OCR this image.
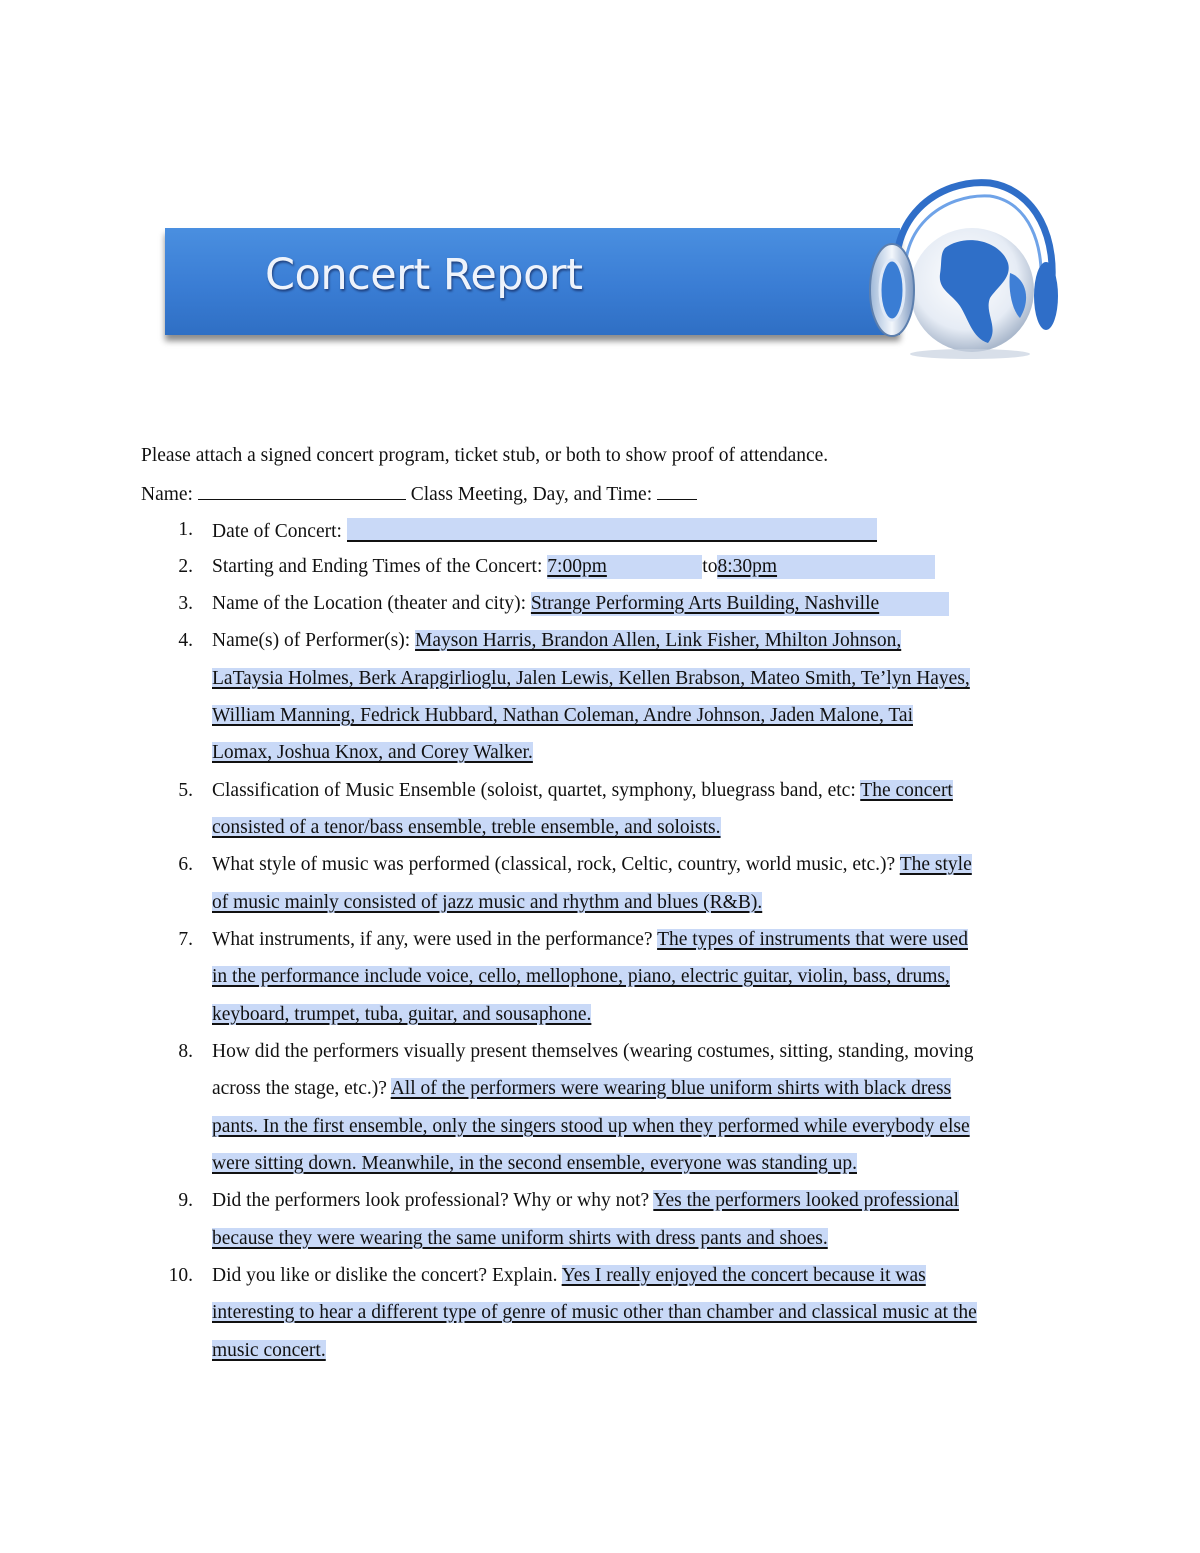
Concert Report
Please attach a signed concert program, ticket stub, or both to show proof of attendance.
Name:	Class Meeting, Day, and Time:
1. Date of Concert:
2. Starting and Ending Times of the Concert: 7:00pm	to8:30pm
3. Name of the Location (theater and city): Strange Performing Arts Building, Nashville
4. Name(s) of Performer(s): Mayson Harris, Brandon Allen, Link Fisher, Mhilton Johnson,
LaTaysia Holmes, Berk Arapgirlioglu, Jalen Lewis, Kellen Brabson, Mateo Smith, Te’lyn Hayes,
William Manning, Fedrick Hubbard, Nathan Coleman, Andre Johnson, Jaden Malone, Tai
Lomax, Joshua Knox, and Corey Walker.
5. Classification of Music Ensemble (soloist, quartet, symphony, bluegrass band, etc: The concert
consisted of a tenor/bass ensemble, treble ensemble, and soloists.
6. What style of music was performed (classical, rock, Celtic, country, world music, etc.)? The style
of music mainly consisted of jazz music and rhythm and blues (R&B).
7. What instruments, if any, were used in the performance? The types of instruments that were used
in the performance include voice, cello, mellophone, piano, electric guitar, violin, bass, drums,
keyboard, trumpet, tuba, guitar, and sousaphone.
8. How did the performers visually present themselves (wearing costumes, sitting, standing, moving
across the stage, etc.)? All of the performers were wearing blue uniform shirts with black dress
pants. In the first ensemble, only the singers stood up when they performed while everybody else
were sitting down. Meanwhile, in the second ensemble, everyone was standing up.
9. Did the performers look professional? Why or why not? Yes the performers looked professional
because they were wearing the same uniform shirts with dress pants and shoes.
10. Did you like or dislike the concert? Explain. Yes I really enjoyed the concert because it was
interesting to hear a different type of genre of music other than chamber and classical music at the
music concert.
